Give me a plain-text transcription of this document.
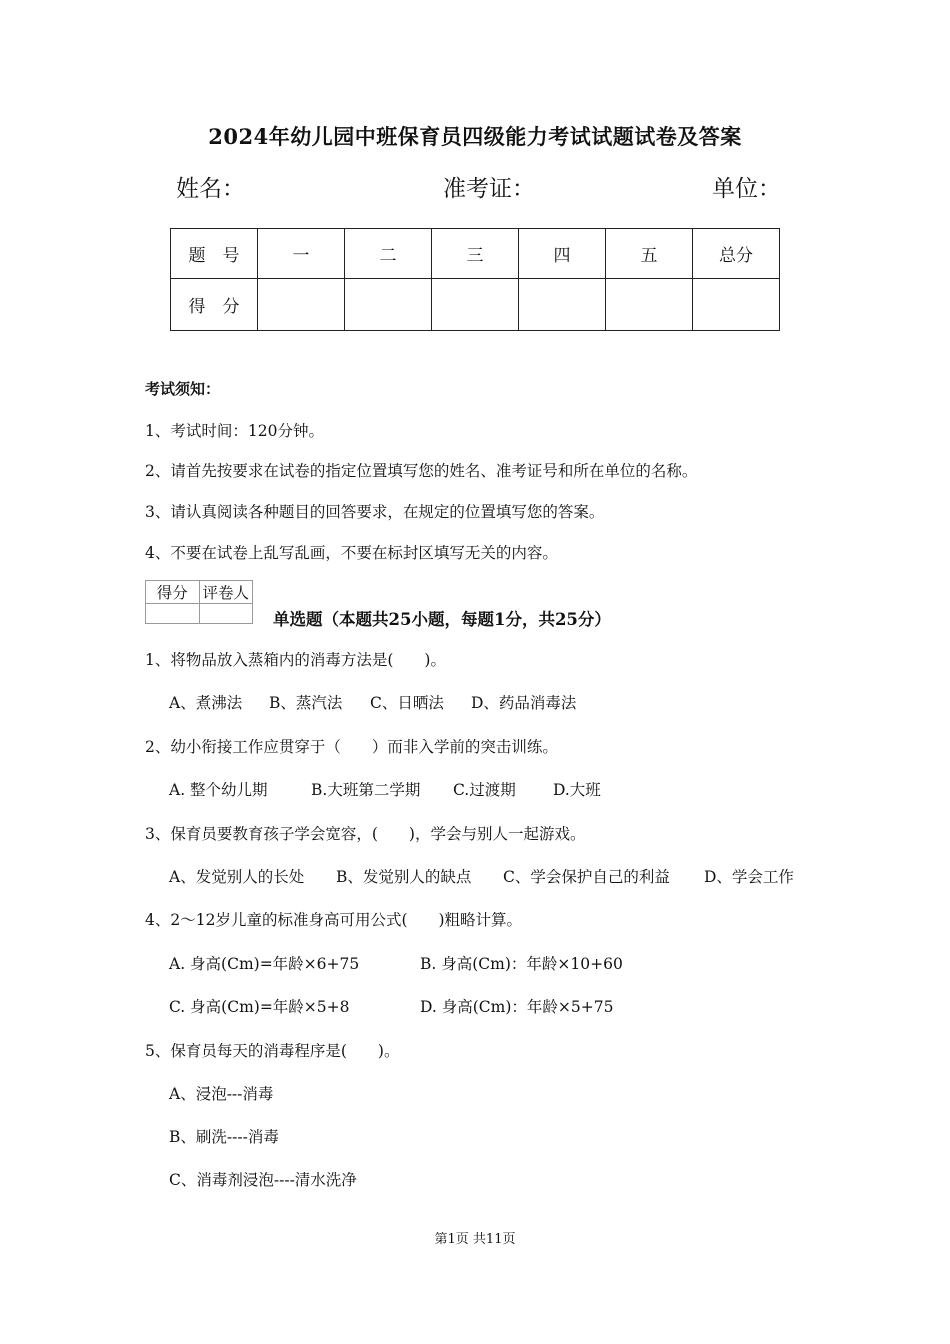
2024年幼儿园中班保育员四级能力考试试题试卷及答案
姓名：	准考证：	单位：
题　号	一	二	三	四	五	总分
得　分						
考试须知：
1、考试时间：120分钟。
2、请首先按要求在试卷的指定位置填写您的姓名、准考证号和所在单位的名称。
3、请认真阅读各种题目的回答要求，在规定的位置填写您的答案。
4、不要在试卷上乱写乱画，不要在标封区填写无关的内容。
得分	评卷人

单选题（本题共25小题，每题1分，共25分）
1、将物品放入蒸箱内的消毒方法是(　　)。
A、煮沸法 B、蒸汽法 C、日晒法 D、药品消毒法
2、幼小衔接工作应贯穿于（　　）而非入学前的突击训练。
A. 整个幼儿期	B.大班第二学期 C.过渡期 D.大班
3、保育员要教育孩子学会宽容，(　　)，学会与别人一起游戏。
A、发觉别人的长处 B、发觉别人的缺点 C、学会保护自己的利益 D、学会工作
4、2～12岁儿童的标准身高可用公式(　　)粗略计算。
A. 身高(Cm)=年龄×6+75	B. 身高(Cm)：年龄×10+60
C. 身高(Cm)=年龄×5+8	D. 身高(Cm)：年龄×5+75
5、保育员每天的消毒程序是(　　)。
A、浸泡---消毒
B、刷洗----消毒
C、消毒剂浸泡----清水洗净
第1页 共11页
